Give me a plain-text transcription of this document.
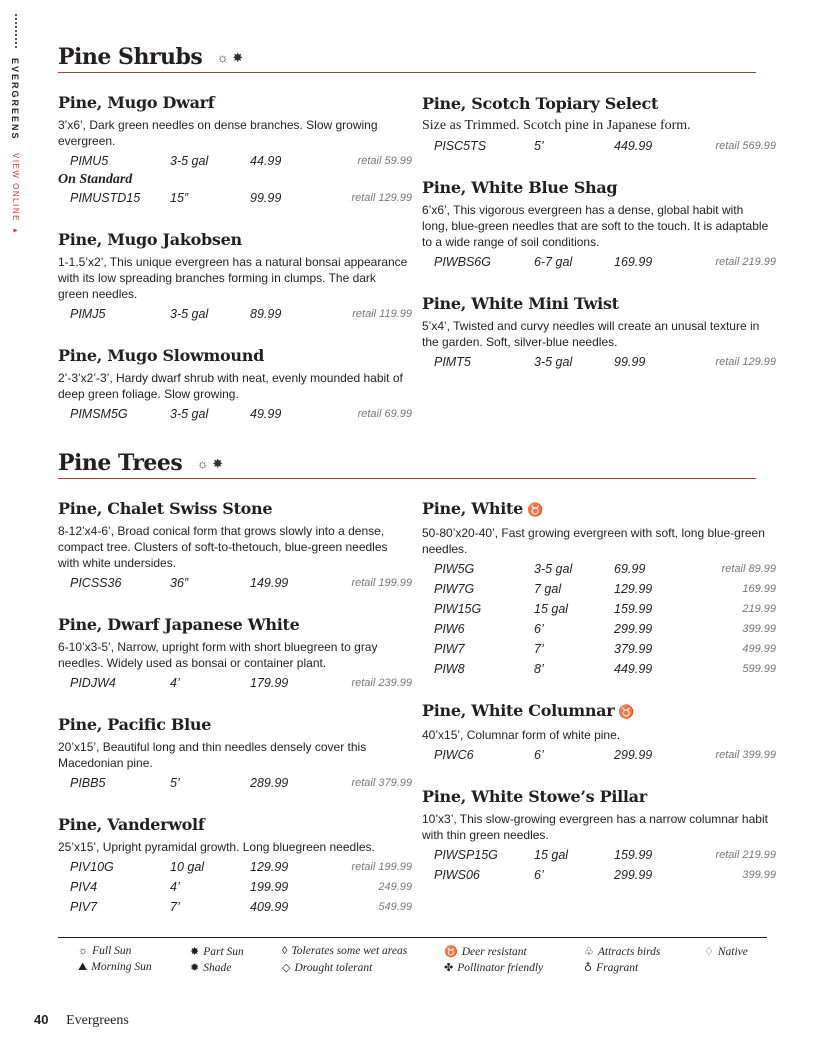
EVERGREENS VIEW ONLINE ▸
Pine Shrubs ☼ ✸
Pine, Mugo Dwarf

3’x6’, Dark green needles on dense branches. Slow growing evergreen.

PIMU5	3-5 gal	44.99	retail 59.99
On Standard
PIMUSTD15 15”	99.99	retail 129.99
Pine, Mugo Jakobsen

1-1.5’x2’, This unique evergreen has a natural bonsai appearance with its low spreading branches forming in clumps. The dark green needles.

PIMJ5	3-5 gal	89.99	retail 119.99
Pine, Mugo Slowmound

2’-3’x2’-3’, Hardy dwarf shrub with neat, evenly mounded habit of deep green foliage. Slow growing.

PIMSM5G	3-5 gal	49.99	retail 69.99
Pine, Scotch Topiary Select

Size as Trimmed. Scotch pine in Japanese form.

PISC5TS	5’	449.99	retail 569.99
Pine, White Blue Shag

6’x6’, This vigorous evergreen has a dense, global habit with long, blue-green needles that are soft to the touch. It is adaptable to a wide range of soil conditions.

PIWBS6G	6-7 gal	169.99	retail 219.99
Pine, White Mini Twist

5’x4’, Twisted and curvy needles will create an unusal texture in the garden. Soft, silver-blue needles.

PIMT5	3-5 gal	99.99	retail 129.99
Pine Trees ☼ ✸
Pine, Chalet Swiss Stone

8-12’x4-6’, Broad conical form that grows slowly into a dense, compact tree. Clusters of soft-to-thetouch, blue-green needles with white undersides.

PICSS36	36”	149.99	retail 199.99
Pine, Dwarf Japanese White

6-10’x3-5’, Narrow, upright form with short bluegreen to gray needles. Widely used as bonsai or container plant.

PIDJW4	4’	179.99	retail 239.99
Pine, Pacific Blue

20’x15’, Beautiful long and thin needles densely cover this Macedonian pine.

PIBB5	5’	289.99	retail 379.99
Pine, Vanderwolf

25’x15’, Upright pyramidal growth. Long bluegreen needles.

PIV10G	10 gal	129.99	retail 199.99
PIV4	4’	199.99	249.99
PIV7	7’	409.99	549.99
Pine, White ♉

50-80’x20-40’, Fast growing evergreen with soft, long blue-green needles.

PIW5G	3-5 gal	69.99	retail 89.99
PIW7G	7 gal	129.99	169.99
PIW15G	15 gal	159.99	219.99
PIW6	6’	299.99	399.99
PIW7	7’	379.99	499.99
PIW8	8’	449.99	599.99
Pine, White Columnar ♉

40’x15’, Columnar form of white pine.

PIWC6	6’	299.99	retail 399.99
Pine, White Stowe’s Pillar

10’x3’, This slow-growing evergreen has a narrow columnar habit with thin green needles.

PIWSP15G	15 gal	159.99	retail 219.99
PIWS06	6’	299.99	399.99
☼ Full Sun
⛰ Morning Sun
✸ Part Sun
✹ Shade
◊ Tolerates some wet areas
◇ Drought tolerant
♉ Deer resistant
✤ Pollinator friendly
♧ Attracts birds
♁ Fragrant
♢ Native
40 Evergreens
